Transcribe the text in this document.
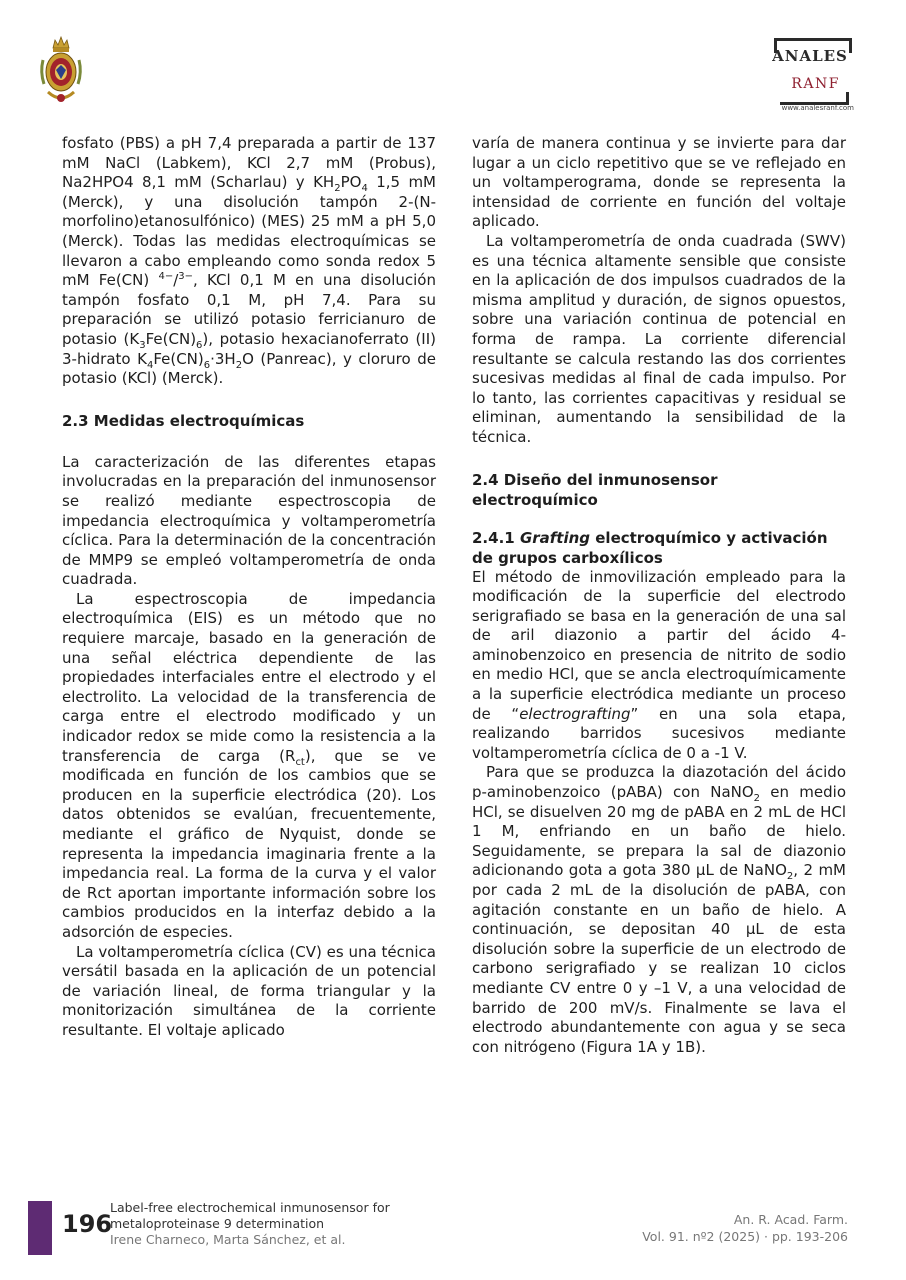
ANALES
RANF
www.analesranf.com

fosfato (PBS) a pH 7,4 preparada a partir de 137 mM NaCl (Labkem), KCl 2,7 mM (Probus), Na2HPO4 8,1 mM (Scharlau) y $KH_2PO_4$ 1,5 mM (Merck), y una disolución tampón 2-(N-morfolino)etanosulfónico) (MES) 25 mM a pH 5,0 (Merck). Todas las medidas electroquímicas se llevaron a cabo empleando como sonda redox 5 mM Fe(CN) $^{4-}$/$^{3-}$, KCl 0,1 M en una disolución tampón fosfato 0,1 M, pH 7,4. Para su preparación se utilizó potasio ferricianuro de potasio $(K_3Fe(CN)_6)$, potasio hexacianoferrato (II) 3-hidrato $K_4Fe(CN)_6\cdot 3H_2O$ (Panreac), y cloruro de potasio (KCl) (Merck).

2.3 Medidas electroquímicas

La caracterización de las diferentes etapas involucradas en la preparación del inmunosensor se realizó mediante espectroscopia de impedancia electroquímica y voltamperometría cíclica. Para la determinación de la concentración de MMP9 se empleó voltamperometría de onda cuadrada.

La espectroscopia de impedancia electroquímica (EIS) es un método que no requiere marcaje, basado en la generación de una señal eléctrica dependiente de las propiedades interfaciales entre el electrodo y el electrolito. La velocidad de la transferencia de carga entre el electrodo modificado y un indicador redox se mide como la resistencia a la transferencia de carga $(R_{ct})$, que se ve modificada en función de los cambios que se producen en la superficie electródica (20). Los datos obtenidos se evalúan, frecuentemente, mediante el gráfico de Nyquist, donde se representa la impedancia imaginaria frente a la impedancia real. La forma de la curva y el valor de Rct aportan importante información sobre los cambios producidos en la interfaz debido a la adsorción de especies.

La voltamperometría cíclica (CV) es una técnica versátil basada en la aplicación de un potencial de variación lineal, de forma triangular y la monitorización simultánea de la corriente resultante. El voltaje aplicado

varía de manera continua y se invierte para dar lugar a un ciclo repetitivo que se ve reflejado en un voltamperograma, donde se representa la intensidad de corriente en función del voltaje aplicado.

La voltamperometría de onda cuadrada (SWV) es una técnica altamente sensible que consiste en la aplicación de dos impulsos cuadrados de la misma amplitud y duración, de signos opuestos, sobre una variación continua de potencial en forma de rampa. La corriente diferencial resultante se calcula restando las dos corrientes sucesivas medidas al final de cada impulso. Por lo tanto, las corrientes capacitivas y residual se eliminan, aumentando la sensibilidad de la técnica.

2.4 Diseño del inmunosensor electroquímico
2.4.1 Grafting electroquímico y activación de grupos carboxílicos

El método de inmovilización empleado para la modificación de la superficie del electrodo serigrafiado se basa en la generación de una sal de aril diazonio a partir del ácido 4-aminobenzoico en presencia de nitrito de sodio en medio HCl, que se ancla electroquímicamente a la superficie electródica mediante un proceso de “electrografting” en una sola etapa, realizando barridos sucesivos mediante voltamperometría cíclica de 0 a -1 V.

Para que se produzca la diazotación del ácido p-aminobenzoico (pABA) con NaNO$_2$ en medio HCl, se disuelven 20 mg de pABA en 2 mL de HCl 1 M, enfriando en un baño de hielo. Seguidamente, se prepara la sal de diazonio adicionando gota a gota 380 µL de NaNO$_2$, 2 mM por cada 2 mL de la disolución de pABA, con agitación constante en un baño de hielo. A continuación, se depositan 40 µL de esta disolución sobre la superficie de un electrodo de carbono serigrafiado y se realizan 10 ciclos mediante CV entre 0 y –1 V, a una velocidad de barrido de 200 mV/s. Finalmente se lava el electrodo abundantemente con agua y se seca con nitrógeno (Figura 1A y 1B).

196
Label-free electrochemical inmunosensor for
metaloproteinase 9 determination
Irene Charneco, Marta Sánchez, et al.
An. R. Acad. Farm.
Vol. 91. nº2 (2025) · pp. 193-206
